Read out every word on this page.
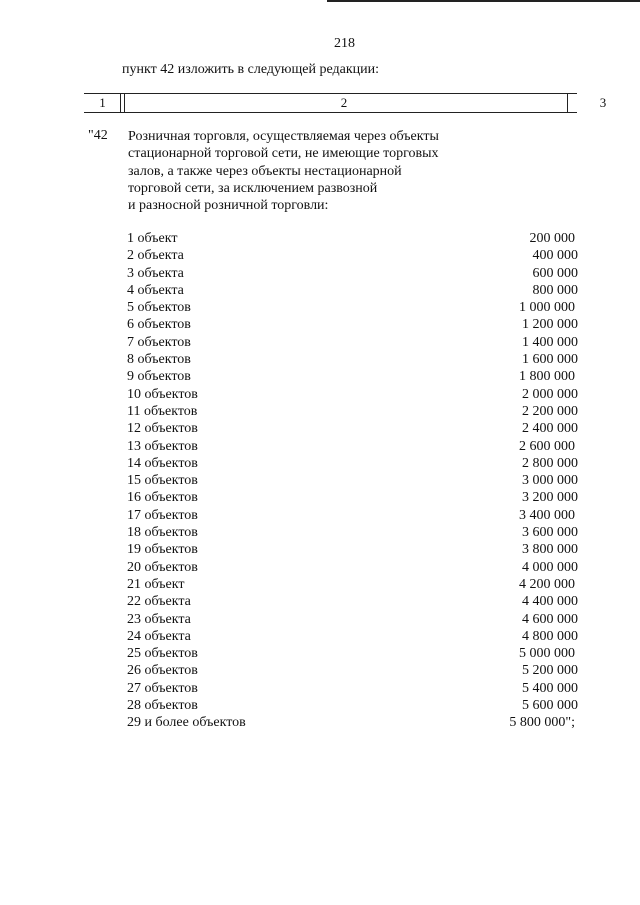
218
пункт 42 изложить в следующей редакции:
1	2	3
"42 Розничная торговля, осуществляемая через объекты
стационарной торговой сети, не имеющие торговых
залов, а также через объекты нестационарной
торговой сети, за исключением развозной
и разносной розничной торговли:
1 объект	200 000
2 объекта	400 000
3 объекта	600 000
4 объекта	800 000
5 объектов	1 000 000
6 объектов	1 200 000
7 объектов	1 400 000
8 объектов	1 600 000
9 объектов	1 800 000
10 объектов	2 000 000
11 объектов	2 200 000
12 объектов	2 400 000
13 объектов	2 600 000
14 объектов	2 800 000
15 объектов	3 000 000
16 объектов	3 200 000
17 объектов	3 400 000
18 объектов	3 600 000
19 объектов	3 800 000
20 объектов	4 000 000
21 объект	4 200 000
22 объекта	4 400 000
23 объекта	4 600 000
24 объекта	4 800 000
25 объектов	5 000 000
26 объектов	5 200 000
27 объектов	5 400 000
28 объектов	5 600 000
29 и более объектов	5 800 000";
